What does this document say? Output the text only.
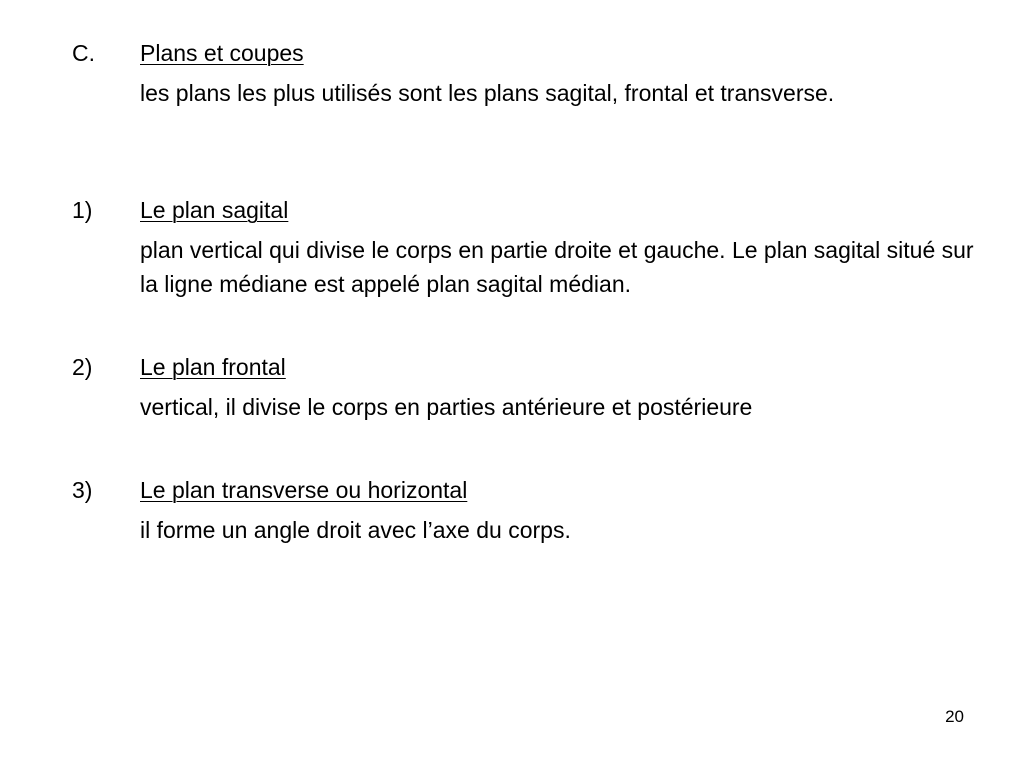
C. Plans et coupes
les plans les plus utilisés sont les plans sagital, frontal et transverse.
1) Le plan sagital
plan vertical qui divise le corps en partie droite et gauche. Le plan sagital situé sur la ligne médiane est appelé plan sagital médian.
2) Le plan frontal
vertical, il divise le corps en parties antérieure et postérieure
3) Le plan transverse ou horizontal
il forme un angle droit avec l’axe du corps.
20
